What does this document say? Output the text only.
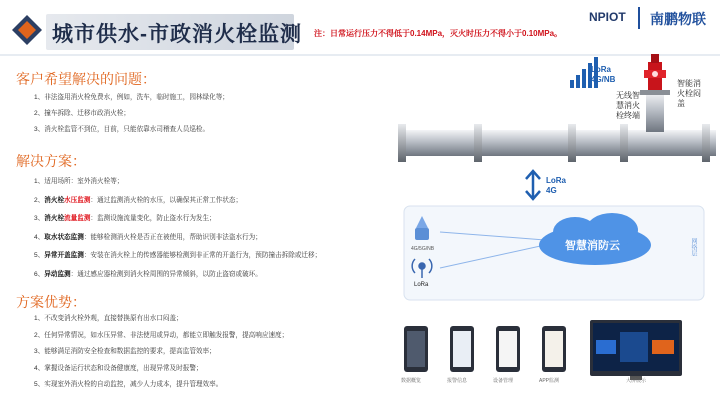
城市供水-市政消火栓监测 注：日常运行压力不得低于0.14MPa，灭火时压力不得小于0.10MPa。
NPIOT 南鹏物联
客户希望解决的问题：
1、非法盗用消火栓免费水，例如，洗车，临时施工，园林绿化等；
2、撞车拆除、迁移市政消火栓；
3、消火栓监管不到位，目前，只能依靠水司稽查人员巡检。
解决方案：
1、适用场所：室外消火栓等；
2、消火栓水压监测：通过监测消火栓的水压，以确保其正常工作状态；
3、消火栓流量监测：监测设施流量变化，防止盗水行为发生；
4、取水状态监测：能够检测消火栓是否正在被使用，帮助识别非法盗水行为；
5、异常开盖监测：安装在消火栓上的传感器能够检测到非正常的开盖行为，预防撞击拆除或迁移；
6、异动监测：通过感应器检测到消火栓周围的异常倾斜，以防止盗窃或破坏。
方案优势：
1、不改变消火栓外观，直接替换原有出水口闷盖；
2、任何异常情况，如水压异常、非法使用或异动，都能立即触发报警，提高响应速度；
3、能够满足消防安全检查和数据监控的要求，提高监管效率；
4、掌握设备运行状态和设备健康度，出现异常及时报警；
5、实现室外消火栓的自动监控，减少人力成本，提升管理效率。
LoRa
4G/NB
无线智
慧消火
栓终端
智能消
火栓闷
盖
LoRa
4G
4G/5G/NB
LoRa
智慧消防云	网络层
数据概览	报警信息	设备管理	APP监测	大屏展示
